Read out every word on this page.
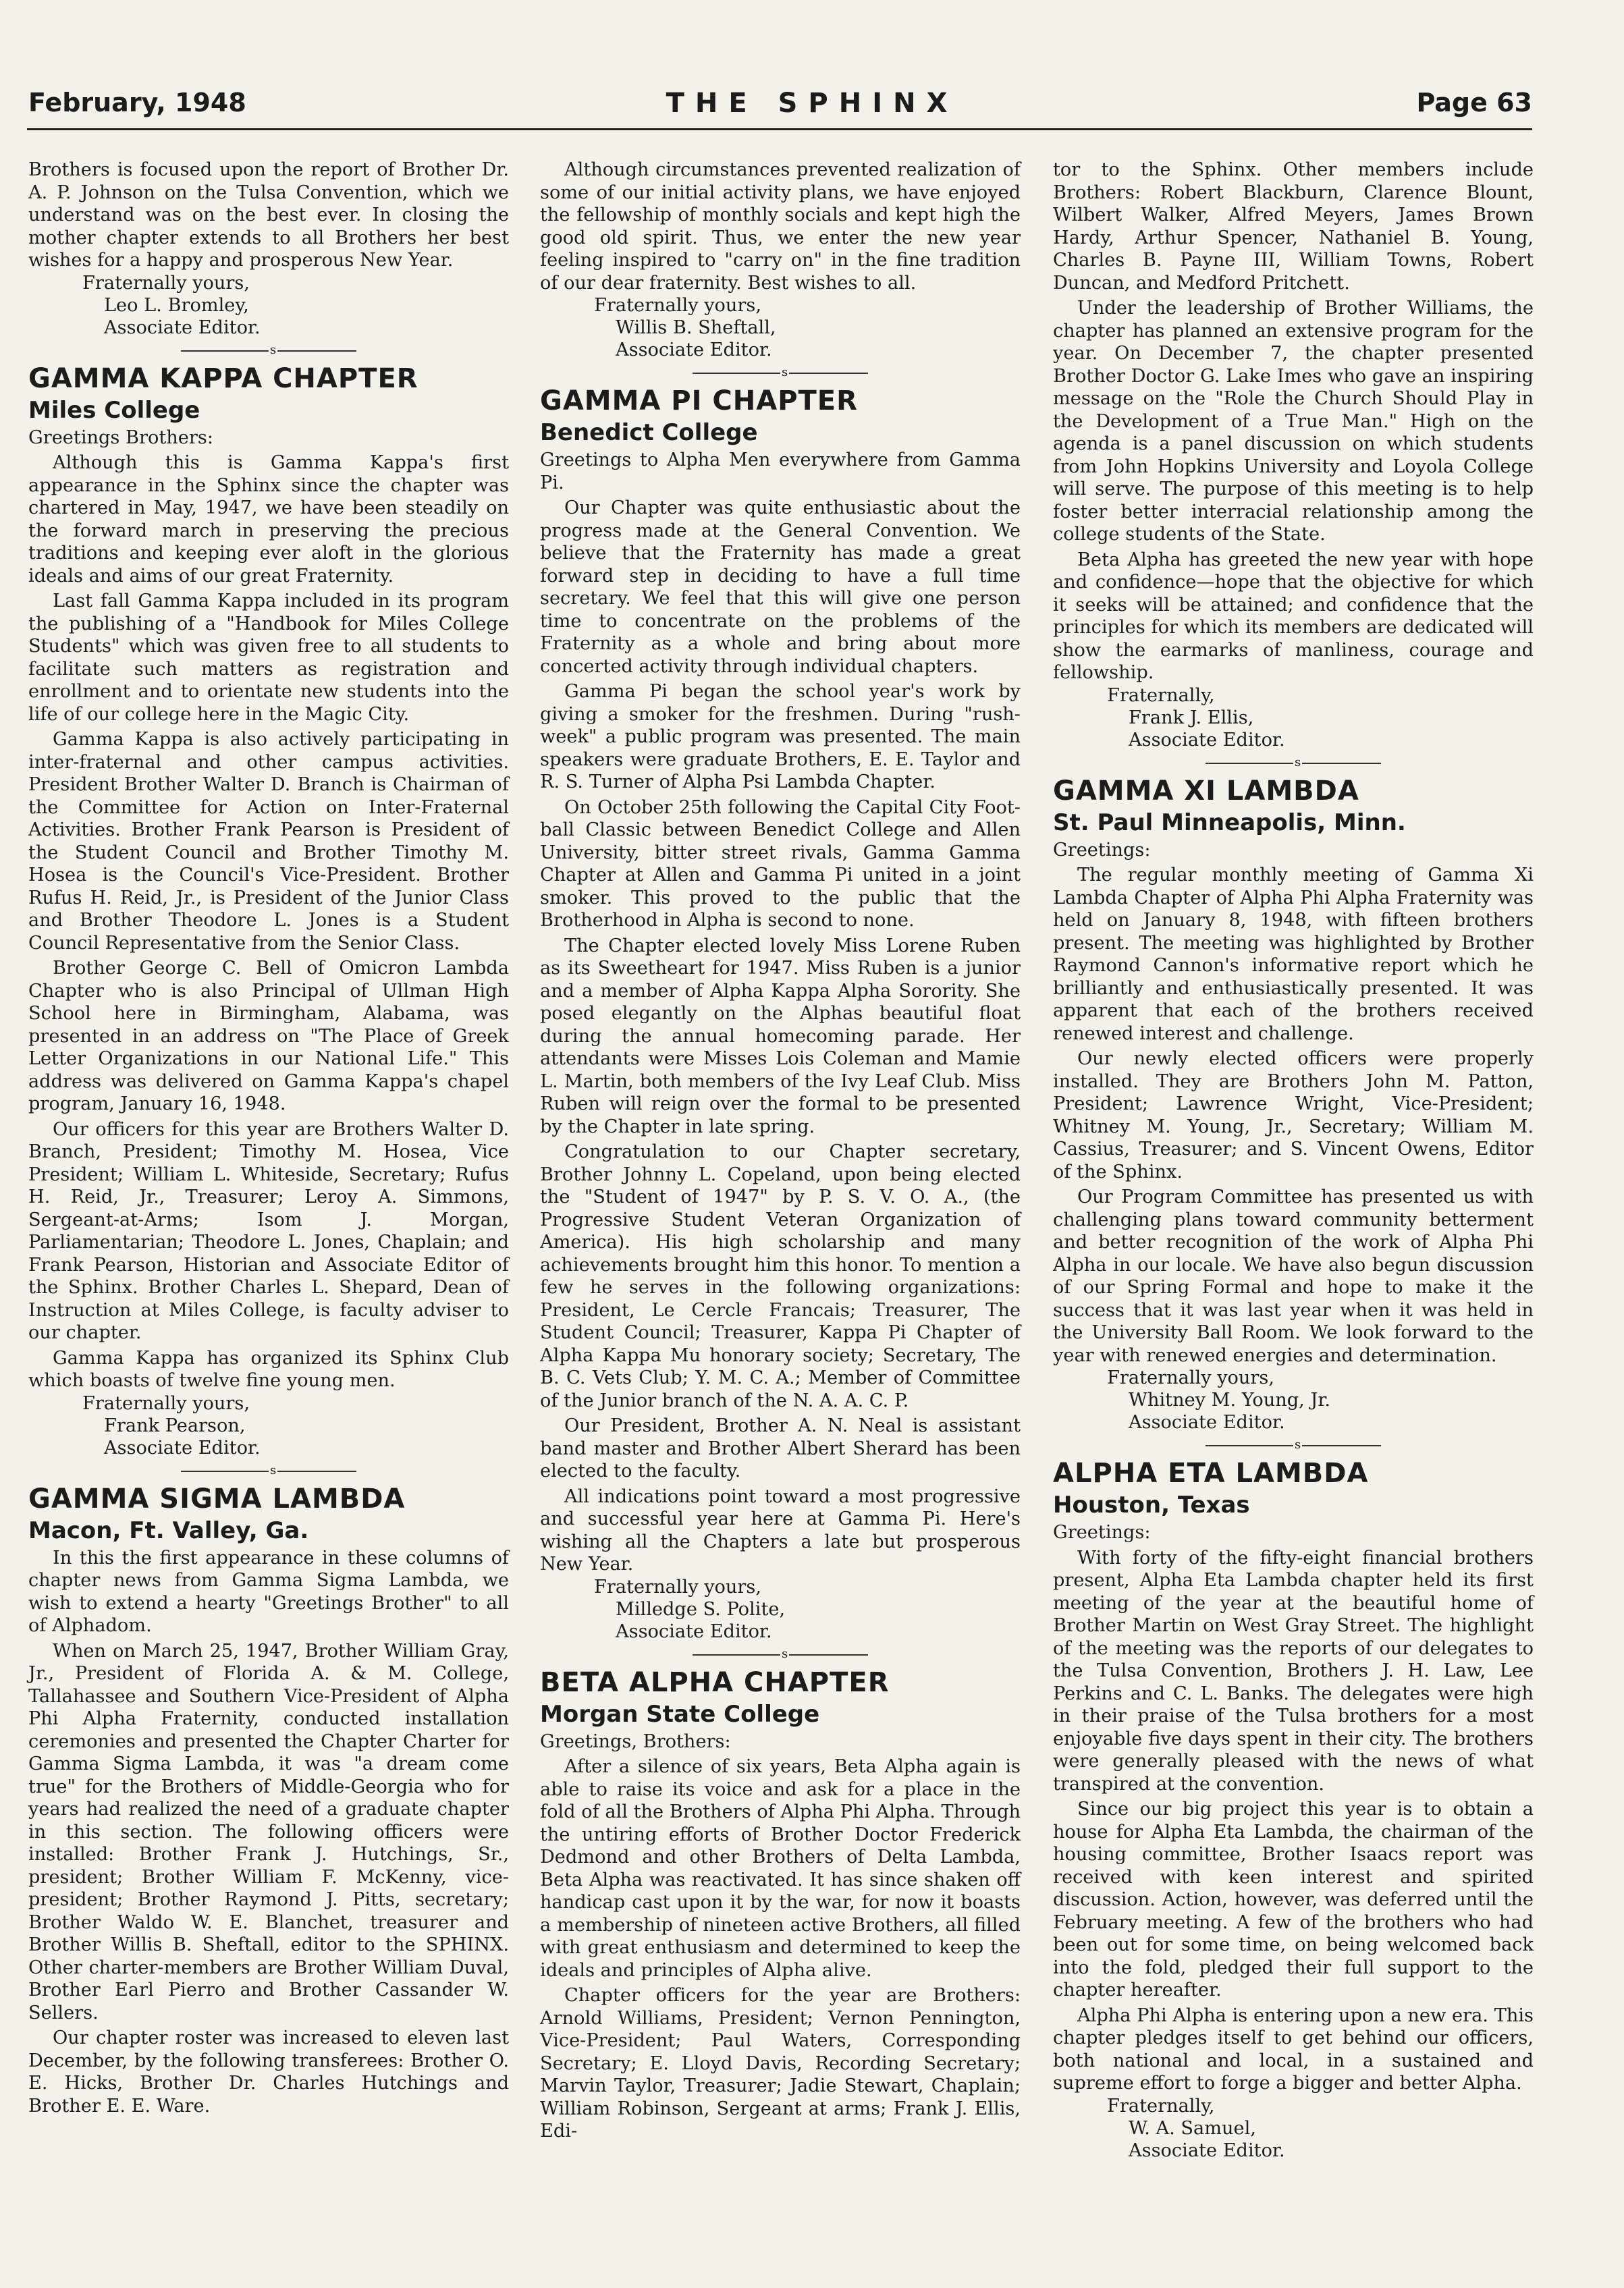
February, 1948	THE SPHINX	Page 63

Brothers is focused upon the report of Brother Dr. A. P. Johnson on the Tulsa Convention, which we understand was on the best ever. In closing the mother chapter extends to all Brothers her best wishes for a happy and prosperous New Year.

Fraternally yours,
Leo L. Bromley,
Associate Editor.
s
GAMMA KAPPA CHAPTER
Miles College

Greetings Brothers:

Although this is Gamma Kappa's first appearance in the Sphinx since the chapter was chartered in May, 1947, we have been steadily on the forward march in preserving the precious traditions and keeping ever aloft in the glorious ideals and aims of our great Fraternity.

Last fall Gamma Kappa included in its program the publishing of a "Handbook for Miles College Students" which was given free to all students to facilitate such matters as registration and enrollment and to orientate new students into the life of our college here in the Magic City.

Gamma Kappa is also actively participating in inter-fraternal and other campus activities. President Brother Walter D. Branch is Chairman of the Committee for Action on Inter-Fraternal Activities. Brother Frank Pearson is President of the Student Council and Brother Timothy M. Hosea is the Council's Vice-President. Brother Rufus H. Reid, Jr., is President of the Junior Class and Brother Theodore L. Jones is a Student Council Representative from the Senior Class.

Brother George C. Bell of Omicron Lambda Chapter who is also Principal of Ullman High School here in Birmingham, Alabama, was presented in an address on "The Place of Greek Letter Organizations in our National Life." This address was delivered on Gamma Kappa's chapel program, January 16, 1948.

Our officers for this year are Brothers Walter D. Branch, President; Timothy M. Hosea, Vice President; William L. Whiteside, Secretary; Rufus H. Reid, Jr., Treasurer; Leroy A. Simmons, Sergeant-at-Arms; Isom J. Morgan, Parliamentarian; Theodore L. Jones, Chaplain; and Frank Pearson, Historian and Associate Editor of the Sphinx. Brother Charles L. Shepard, Dean of Instruction at Miles College, is faculty adviser to our chapter.

Gamma Kappa has organized its Sphinx Club which boasts of twelve fine young men.

Fraternally yours,
Frank Pearson,
Associate Editor.
s
GAMMA SIGMA LAMBDA
Macon, Ft. Valley, Ga.

In this the first appearance in these columns of chapter news from Gamma Sigma Lambda, we wish to extend a hearty "Greetings Brother" to all of Alphadom.

When on March 25, 1947, Brother William Gray, Jr., President of Florida A. & M. College, Tallahassee and Southern Vice-President of Alpha Phi Alpha Fraternity, conducted installation ceremonies and presented the Chapter Charter for Gamma Sigma Lambda, it was "a dream come true" for the Brothers of Middle-Georgia who for years had realized the need of a graduate chapter in this section. The following officers were installed: Brother Frank J. Hutchings, Sr., president; Brother William F. McKenny, vice-president; Brother Raymond J. Pitts, secretary; Brother Waldo W. E. Blanchet, treasurer and Brother Willis B. Sheftall, editor to the SPHINX. Other charter-members are Brother William Duval, Brother Earl Pierro and Brother Cassander W. Sellers.

Our chapter roster was increased to eleven last December, by the following transferees: Brother O. E. Hicks, Brother Dr. Charles Hutchings and Brother E. E. Ware.

Although circumstances prevented realization of some of our initial activity plans, we have enjoyed the fellowship of monthly socials and kept high the good old spirit. Thus, we enter the new year feeling inspired to "carry on" in the fine tradition of our dear fraternity. Best wishes to all.

Fraternally yours,
Willis B. Sheftall,
Associate Editor.
s
GAMMA PI CHAPTER
Benedict College

Greetings to Alpha Men everywhere from Gamma Pi.

Our Chapter was quite enthusiastic about the progress made at the General Convention. We believe that the Fraternity has made a great forward step in deciding to have a full time secretary. We feel that this will give one person time to concentrate on the problems of the Fraternity as a whole and bring about more concerted activity through individual chapters.

Gamma Pi began the school year's work by giving a smoker for the freshmen. During "rush-week" a public program was presented. The main speakers were graduate Brothers, E. E. Taylor and R. S. Turner of Alpha Psi Lambda Chapter.

On October 25th following the Capital City Foot-ball Classic between Benedict College and Allen University, bitter street rivals, Gamma Gamma Chapter at Allen and Gamma Pi united in a joint smoker. This proved to the public that the Brotherhood in Alpha is second to none.

The Chapter elected lovely Miss Lorene Ruben as its Sweetheart for 1947. Miss Ruben is a junior and a member of Alpha Kappa Alpha Sorority. She posed elegantly on the Alphas beautiful float during the annual homecoming parade. Her attendants were Misses Lois Coleman and Mamie L. Martin, both members of the Ivy Leaf Club. Miss Ruben will reign over the formal to be presented by the Chapter in late spring.

Congratulation to our Chapter secretary, Brother Johnny L. Copeland, upon being elected the "Student of 1947" by P. S. V. O. A., (the Progressive Student Veteran Organization of America). His high scholarship and many achievements brought him this honor. To mention a few he serves in the following organizations: President, Le Cercle Francais; Treasurer, The Student Council; Treasurer, Kappa Pi Chapter of Alpha Kappa Mu honorary society; Secretary, The B. C. Vets Club; Y. M. C. A.; Member of Committee of the Junior branch of the N. A. A. C. P.

Our President, Brother A. N. Neal is assistant band master and Brother Albert Sherard has been elected to the faculty.

All indications point toward a most progressive and successful year here at Gamma Pi. Here's wishing all the Chapters a late but prosperous New Year.

Fraternally yours,
Milledge S. Polite,
Associate Editor.
s
BETA ALPHA CHAPTER
Morgan State College

Greetings, Brothers:

After a silence of six years, Beta Alpha again is able to raise its voice and ask for a place in the fold of all the Brothers of Alpha Phi Alpha. Through the untiring efforts of Brother Doctor Frederick Dedmond and other Brothers of Delta Lambda, Beta Alpha was reactivated. It has since shaken off handicap cast upon it by the war, for now it boasts a membership of nineteen active Brothers, all filled with great enthusiasm and determined to keep the ideals and principles of Alpha alive.

Chapter officers for the year are Brothers: Arnold Williams, President; Vernon Pennington, Vice-President; Paul Waters, Corresponding Secretary; E. Lloyd Davis, Recording Secretary; Marvin Taylor, Treasurer; Jadie Stewart, Chaplain; William Robinson, Sergeant at arms; Frank J. Ellis, Edi-

tor to the Sphinx. Other members include Brothers: Robert Blackburn, Clarence Blount, Wilbert Walker, Alfred Meyers, James Brown Hardy, Arthur Spencer, Nathaniel B. Young, Charles B. Payne III, William Towns, Robert Duncan, and Medford Pritchett.

Under the leadership of Brother Williams, the chapter has planned an extensive program for the year. On December 7, the chapter presented Brother Doctor G. Lake Imes who gave an inspiring message on the "Role the Church Should Play in the Development of a True Man." High on the agenda is a panel discussion on which students from John Hopkins University and Loyola College will serve. The purpose of this meeting is to help foster better interracial relationship among the college students of the State.

Beta Alpha has greeted the new year with hope and confidence—hope that the objective for which it seeks will be attained; and confidence that the principles for which its members are dedicated will show the earmarks of manliness, courage and fellowship.

Fraternally,
Frank J. Ellis,
Associate Editor.
s
GAMMA XI LAMBDA
St. Paul Minneapolis, Minn.

Greetings:

The regular monthly meeting of Gamma Xi Lambda Chapter of Alpha Phi Alpha Fraternity was held on January 8, 1948, with fifteen brothers present. The meeting was highlighted by Brother Raymond Cannon's informative report which he brilliantly and enthusiastically presented. It was apparent that each of the brothers received renewed interest and challenge.

Our newly elected officers were properly installed. They are Brothers John M. Patton, President; Lawrence Wright, Vice-President; Whitney M. Young, Jr., Secretary; William M. Cassius, Treasurer; and S. Vincent Owens, Editor of the Sphinx.

Our Program Committee has presented us with challenging plans toward community betterment and better recognition of the work of Alpha Phi Alpha in our locale. We have also begun discussion of our Spring Formal and hope to make it the success that it was last year when it was held in the University Ball Room. We look forward to the year with renewed energies and determination.

Fraternally yours,
Whitney M. Young, Jr.
Associate Editor.
s
ALPHA ETA LAMBDA
Houston, Texas

Greetings:

With forty of the fifty-eight financial brothers present, Alpha Eta Lambda chapter held its first meeting of the year at the beautiful home of Brother Martin on West Gray Street. The highlight of the meeting was the reports of our delegates to the Tulsa Convention, Brothers J. H. Law, Lee Perkins and C. L. Banks. The delegates were high in their praise of the Tulsa brothers for a most enjoyable five days spent in their city. The brothers were generally pleased with the news of what transpired at the convention.

Since our big project this year is to obtain a house for Alpha Eta Lambda, the chairman of the housing committee, Brother Isaacs report was received with keen interest and spirited discussion. Action, however, was deferred until the February meeting. A few of the brothers who had been out for some time, on being welcomed back into the fold, pledged their full support to the chapter hereafter.

Alpha Phi Alpha is entering upon a new era. This chapter pledges itself to get behind our officers, both national and local, in a sustained and supreme effort to forge a bigger and better Alpha.

Fraternally,
W. A. Samuel,
Associate Editor.
